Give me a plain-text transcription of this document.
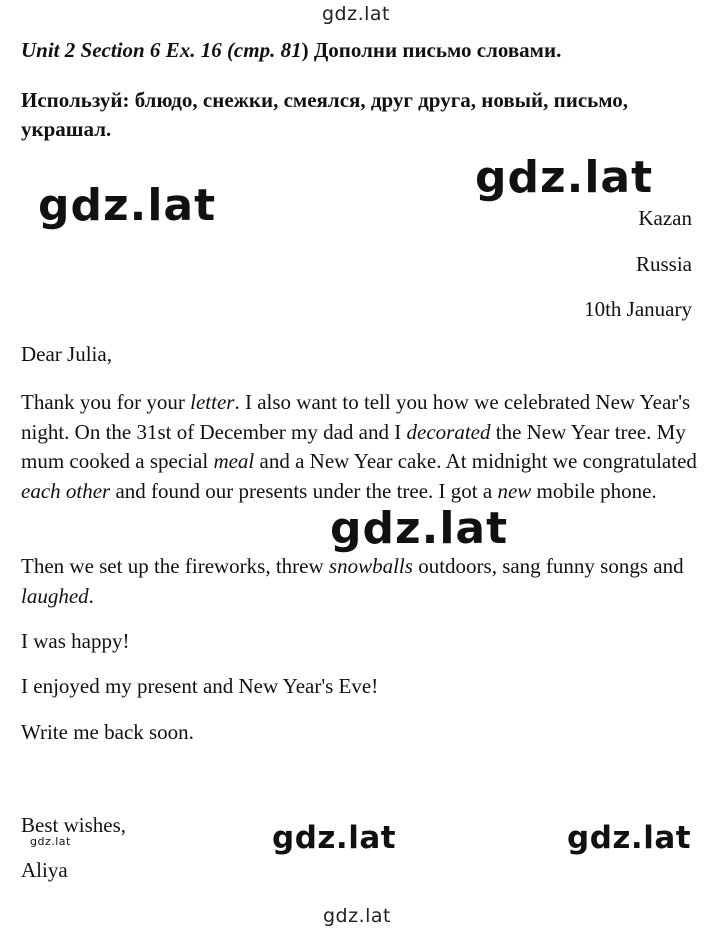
gdz.lat
Unit 2 Section 6 Ex. 16 (стр. 81) Дополни письмо словами.
Используй: блюдо, снежки, смеялся, друг друга, новый, письмо,
украшал.
gdz.lat
gdz.lat
Kazan
Russia
10th January
Dear Julia,

Thank you for your letter. I also want to tell you how we celebrated New Year's night. On the 31st of December my dad and I decorated the New Year tree. My mum cooked a special meal and a New Year cake. At midnight we congratulated each other and found our presents under the tree. I got a new mobile phone.

gdz.lat

Then we set up the fireworks, threw snowballs outdoors, sang funny songs and laughed.

I was happy!
I enjoyed my present and New Year's Eve!
Write me back soon.
Best wishes,
gdz.lat
Aliya
gdz.lat	gdz.lat
gdz.lat
